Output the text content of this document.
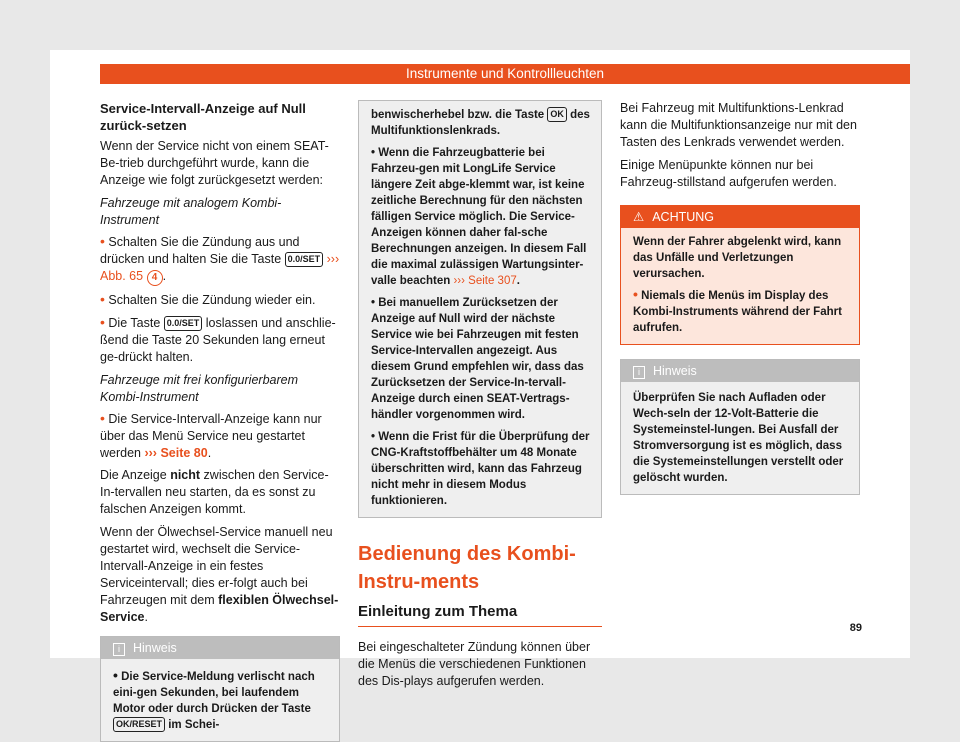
Instrumente und Kontrollleuchten
Service-Intervall-Anzeige auf Null zurück-setzen

Wenn der Service nicht von einem SEAT-Be-trieb durchgeführt wurde, kann die Anzeige wie folgt zurückgesetzt werden:

Fahrzeuge mit analogem Kombi-Instrument

• Schalten Sie die Zündung aus und drücken und halten Sie die Taste 0.0/SET ››› Abb. 65 4 .

• Schalten Sie die Zündung wieder ein.

• Die Taste 0.0/SET loslassen und anschlie-ßend die Taste 20 Sekunden lang erneut ge-drückt halten.

Fahrzeuge mit frei konfigurierbarem Kombi-Instrument

• Die Service-Intervall-Anzeige kann nur über das Menü Service neu gestartet werden ››› Seite 80.

Die Anzeige nicht zwischen den Service-In-tervallen neu starten, da es sonst zu falschen Anzeigen kommt.

Wenn der Ölwechsel-Service manuell neu gestartet wird, wechselt die Service-Intervall-Anzeige in ein festes Serviceintervall; dies er-folgt auch bei Fahrzeugen mit dem flexiblen Ölwechsel-Service.

i Hinweis
• Die Service-Meldung verlischt nach eini-gen Sekunden, bei laufendem Motor oder durch Drücken der Taste OK/RESET im Schei-

benwischerhebel bzw. die Taste OK des Multifunktionslenkrads.

• Wenn die Fahrzeugbatterie bei Fahrzeu-gen mit LongLife Service längere Zeit abge-klemmt war, ist keine zeitliche Berechnung für den nächsten fälligen Service möglich. Die Service-Anzeigen können daher fal-sche Berechnungen anzeigen. In diesem Fall die maximal zulässigen Wartungsinter-valle beachten ››› Seite 307.

• Bei manuellem Zurücksetzen der Anzeige auf Null wird der nächste Service wie bei Fahrzeugen mit festen Service-Intervallen angezeigt. Aus diesem Grund empfehlen wir, dass das Zurücksetzen der Service-In-tervall-Anzeige durch einen SEAT-Vertrags-händler vorgenommen wird.

• Wenn die Frist für die Überprüfung der CNG-Kraftstoffbehälter um 48 Monate überschritten wird, kann das Fahrzeug nicht mehr in diesem Modus funktionieren.

Bedienung des Kombi-Instru-ments
Einleitung zum Thema

Bei eingeschalteter Zündung können über die Menüs die verschiedenen Funktionen des Dis-plays aufgerufen werden.

Bei Fahrzeug mit Multifunktions-Lenkrad kann die Multifunktionsanzeige nur mit den Tasten des Lenkrads verwendet werden.

Einige Menüpunkte können nur bei Fahrzeug-stillstand aufgerufen werden.

⚠ ACHTUNG

Wenn der Fahrer abgelenkt wird, kann das Unfälle und Verletzungen verursachen.

• Niemals die Menüs im Display des Kombi-Instruments während der Fahrt aufrufen.

i Hinweis
Überprüfen Sie nach Aufladen oder Wech-seln der 12-Volt-Batterie die Systemeinstel-lungen. Bei Ausfall der Stromversorgung ist es möglich, dass die Systemeinstellungen verstellt oder gelöscht wurden.
89
